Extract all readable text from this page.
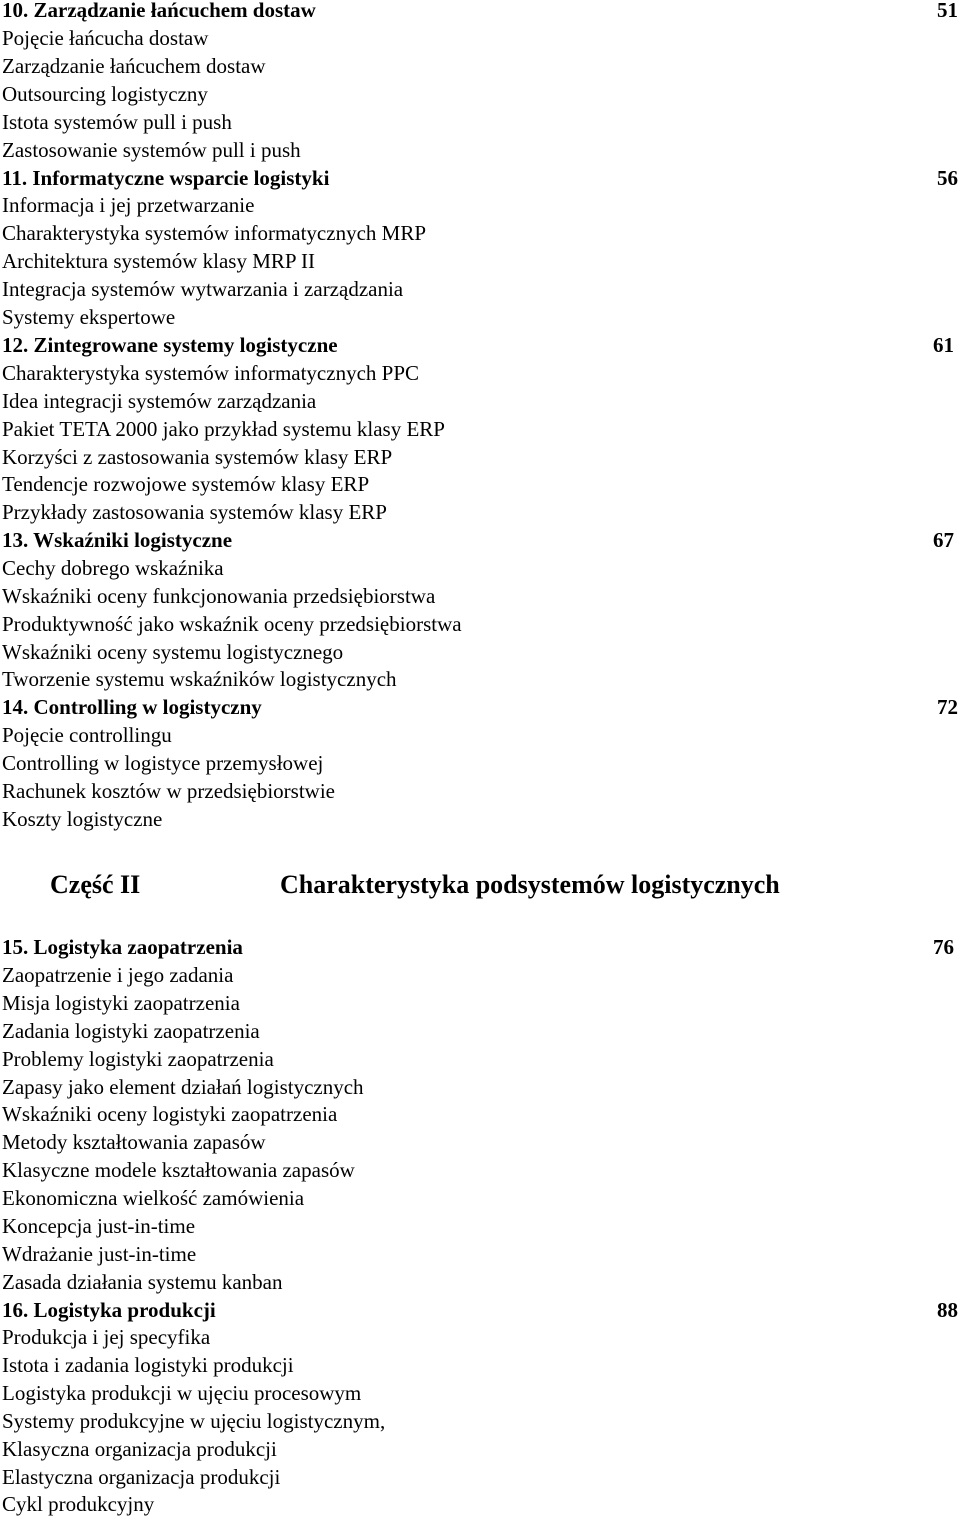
10. Zarządzanie łańcuchem dostaw	51
Pojęcie łańcucha dostaw
Zarządzanie łańcuchem dostaw
Outsourcing logistyczny
Istota systemów pull i push
Zastosowanie systemów pull i push
11. Informatyczne wsparcie logistyki	56
Informacja i jej przetwarzanie
Charakterystyka systemów informatycznych MRP
Architektura systemów klasy MRP II
Integracja systemów wytwarzania i zarządzania
Systemy ekspertowe
12. Zintegrowane systemy logistyczne	61
Charakterystyka systemów informatycznych PPC
Idea integracji systemów zarządzania
Pakiet TETA 2000 jako przykład systemu klasy ERP
Korzyści z zastosowania systemów klasy ERP
Tendencje rozwojowe systemów klasy ERP
Przykłady zastosowania systemów klasy ERP
13. Wskaźniki logistyczne	67
Cechy dobrego wskaźnika
Wskaźniki oceny funkcjonowania przedsiębiorstwa
Produktywność jako wskaźnik oceny przedsiębiorstwa
Wskaźniki oceny systemu logistycznego
Tworzenie systemu wskaźników logistycznych
14. Controlling w logistyczny	72
Pojęcie controllingu
Controlling w logistyce przemysłowej
Rachunek kosztów w przedsiębiorstwie
Koszty logistyczne
Część II	Charakterystyka podsystemów logistycznych
15. Logistyka zaopatrzenia	76
Zaopatrzenie i jego zadania
Misja logistyki zaopatrzenia
Zadania logistyki zaopatrzenia
Problemy logistyki zaopatrzenia
Zapasy jako element działań logistycznych
Wskaźniki oceny logistyki zaopatrzenia
Metody kształtowania zapasów
Klasyczne modele kształtowania zapasów
Ekonomiczna wielkość zamówienia
Koncepcja just-in-time
Wdrażanie just-in-time
Zasada działania systemu kanban
16. Logistyka produkcji	88
Produkcja i jej specyfika
Istota i zadania logistyki produkcji
Logistyka produkcji w ujęciu procesowym
Systemy produkcyjne w ujęciu logistycznym,
Klasyczna organizacja produkcji
Elastyczna organizacja produkcji
Cykl produkcyjny
